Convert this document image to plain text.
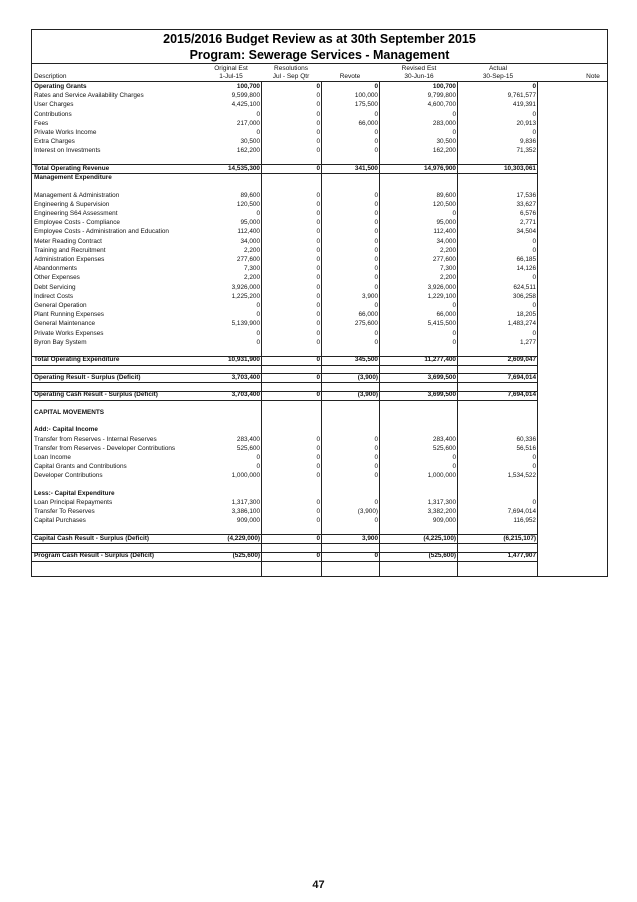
2015/2016 Budget Review as at 30th September 2015
Program: Sewerage Services - Management
Original Est
1-Jul-15
Resolutions
Jul - Sep Qtr	Revote
Revised Est
30-Jun-16
Actual
30-Sep-15
Description	Note
Operating Grants	100,700	0	0	100,700	0
Rates and Service Availability Charges	9,599,800	0	100,000	9,799,800	9,761,577
User Charges	4,425,100	0	175,500	4,600,700	419,391
Contributions	0	0	0	0	0
Fees	217,000	0	66,000	283,000	20,913
Private Works Income	0	0	0	0	0
Extra Charges	30,500	0	0	30,500	9,836
Interest on Investments	162,200	0	0	162,200	71,352
Total Operating Revenue	14,535,300	0	341,500	14,976,900	10,303,061
Management Expenditure
Management & Administration	89,600	0	0	89,600	17,536
Engineering & Supervision	120,500	0	0	120,500	33,627
Engineering S64 Assessment	0	0	0	0	6,576
Employee Costs - Compliance	95,000	0	0	95,000	2,771
Employee Costs - Administration and Education	112,400	0	0	112,400	34,504
Meter Reading Contract	34,000	0	0	34,000	0
Training and Recruitment	2,200	0	0	2,200	0
Administration Expenses	277,600	0	0	277,600	66,185
Abandonments	7,300	0	0	7,300	14,126
Other Expenses	2,200	0	0	2,200	0
Debt Servicing	3,926,000	0	0	3,926,000	624,511
Indirect Costs	1,225,200	0	3,900	1,229,100	306,258
General Operation	0	0	0	0	0
Plant Running Expenses	0	0	66,000	66,000	18,205
General Maintenance	5,139,900	0	275,600	5,415,500	1,483,274
Private Works Expenses	0	0	0	0	0
Byron Bay System	0	0	0	0	1,277
Total Operating Expenditure	10,931,900	0	345,500	11,277,400	2,609,047
Operating Result - Surplus (Deficit)	3,703,400	0	(3,900)	3,699,500	7,694,014
Operating Cash Result - Surplus (Deficit)	3,703,400	0	(3,900)	3,699,500	7,694,014
CAPITAL MOVEMENTS
Add:- Capital Income
Transfer from Reserves - Internal Reserves	283,400	0	0	283,400	60,336
Transfer from Reserves - Developer Contributions	525,600	0	0	525,600	56,516
Loan Income	0	0	0	0	0
Capital Grants and Contributions	0	0	0	0	0
Developer Contributions	1,000,000	0	0	1,000,000	1,534,522
Less:- Capital Expenditure
Loan Principal Repayments	1,317,300	0	0	1,317,300	0
Transfer To Reserves	3,386,100	0	(3,900)	3,382,200	7,694,014
Capital Purchases	909,000	0	0	909,000	116,952
Capital Cash Result - Surplus (Deficit)	(4,229,000)	0	3,900	(4,225,100)	(6,215,107)
Program Cash Result - Surplus (Deficit)	(525,600)	0	0	(525,600)	1,477,907
47
